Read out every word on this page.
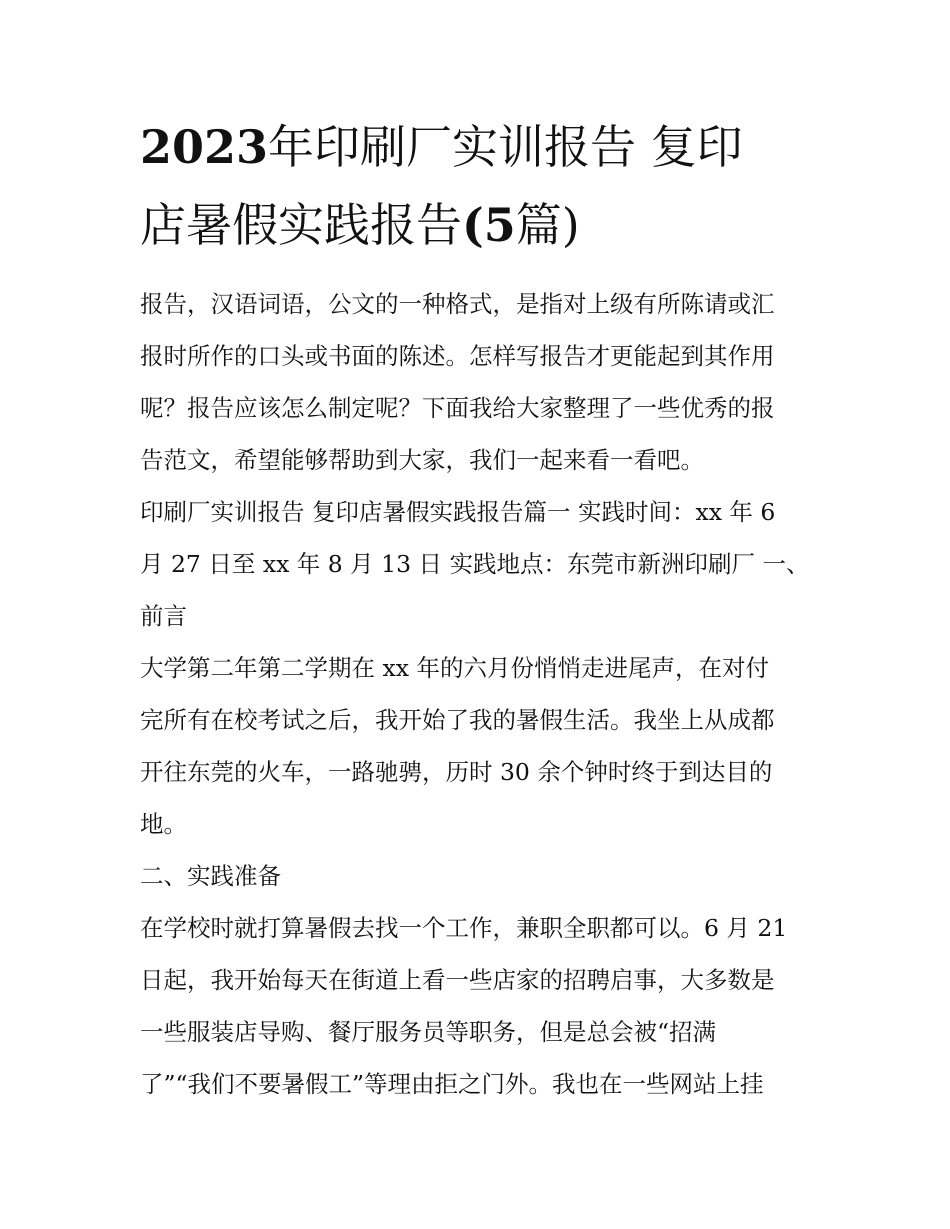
2023年印刷厂实训报告 复印
店暑假实践报告(5篇)
报告，汉语词语，公文的一种格式，是指对上级有所陈请或汇
报时所作的口头或书面的陈述。怎样写报告才更能起到其作用
呢？报告应该怎么制定呢？下面我给大家整理了一些优秀的报
告范文，希望能够帮助到大家，我们一起来看一看吧。
印刷厂实训报告 复印店暑假实践报告篇一 实践时间：xx 年 6
月 27 日至 xx 年 8 月 13 日 实践地点：东莞市新洲印刷厂 一、
前言
大学第二年第二学期在 xx 年的六月份悄悄走进尾声，在对付
完所有在校考试之后，我开始了我的暑假生活。我坐上从成都
开往东莞的火车，一路驰骋，历时 30 余个钟时终于到达目的
地。
二、实践准备
在学校时就打算暑假去找一个工作，兼职全职都可以。6 月 21
日起，我开始每天在街道上看一些店家的招聘启事，大多数是
一些服装店导购、餐厅服务员等职务，但是总会被“招满
了”“我们不要暑假工”等理由拒之门外。我也在一些网站上挂
